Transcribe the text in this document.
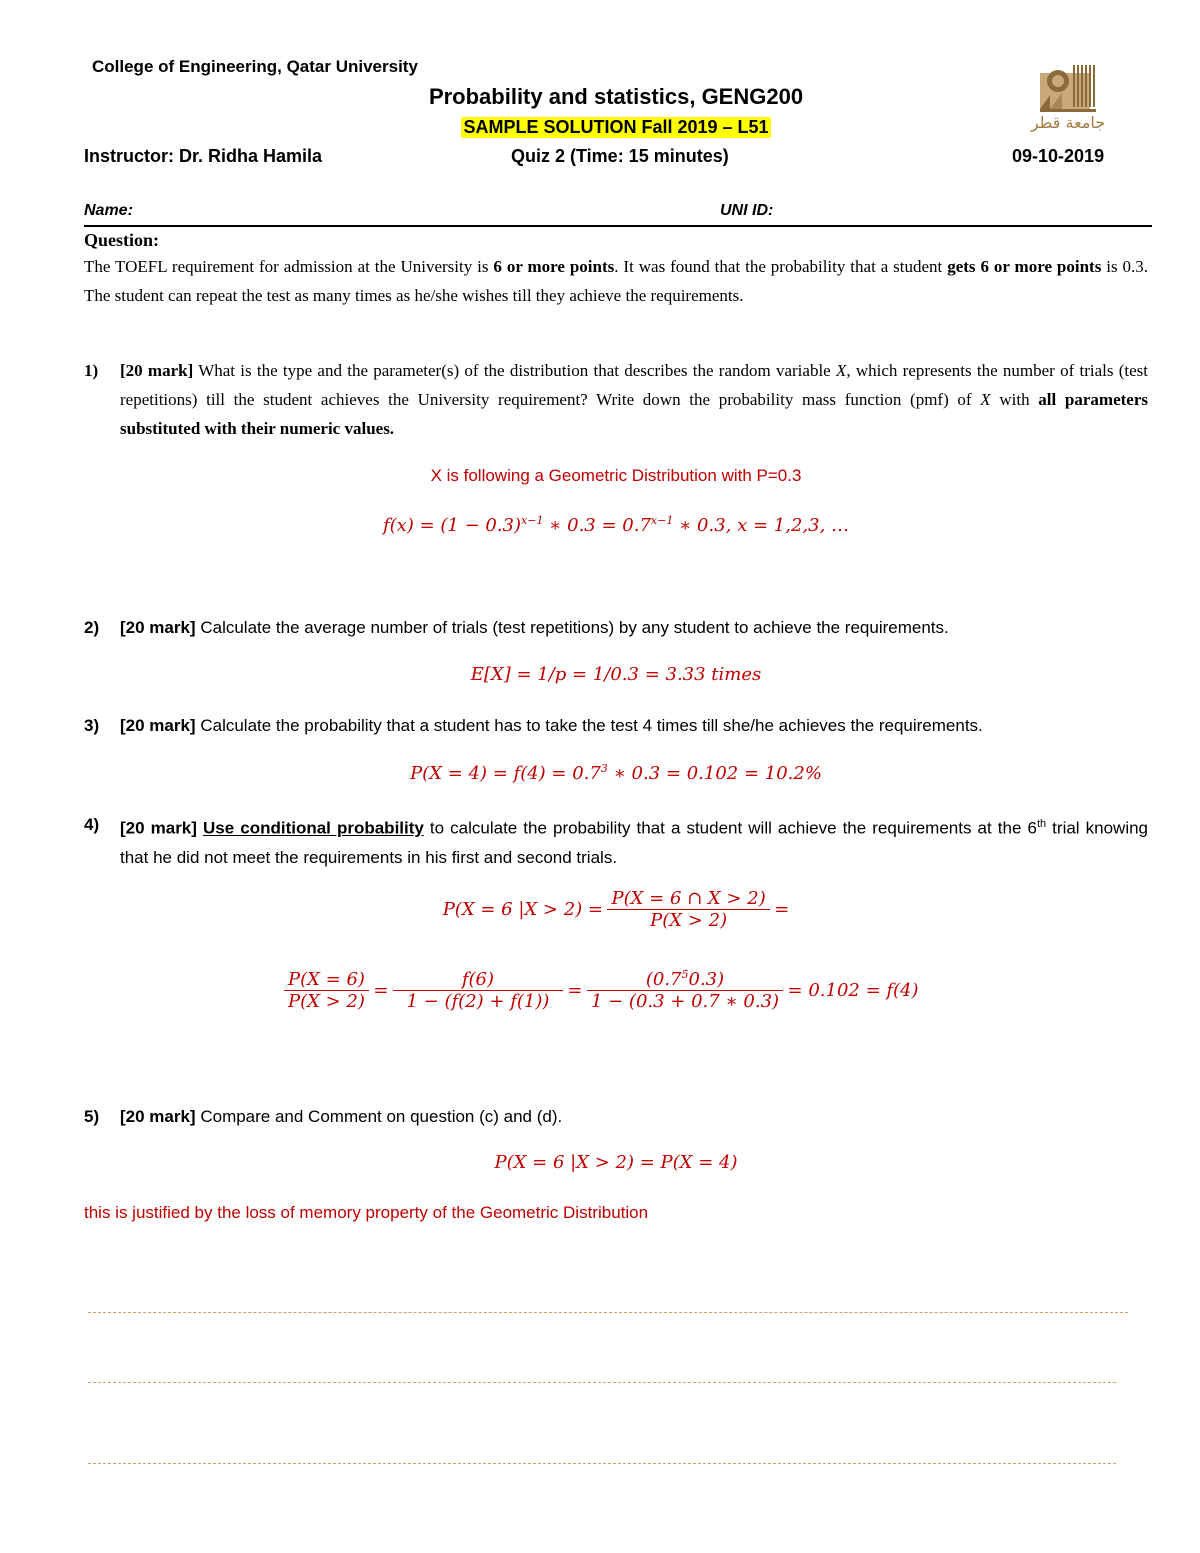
College of Engineering, Qatar University
Probability and statistics, GENG200
SAMPLE SOLUTION Fall 2019 – L51
Instructor: Dr. Ridha Hamila	Quiz 2 (Time: 15 minutes)	09-10-2019
جامعة قطر
Name:	UNI ID:
Question:
The TOEFL requirement for admission at the University is 6 or more points. It was found that the probability that a student gets 6 or more points is 0.3. The student can repeat the test as many times as he/she wishes till they achieve the requirements.
1) [20 mark] What is the type and the parameter(s) of the distribution that describes the random variable X, which represents the number of trials (test repetitions) till the student achieves the University requirement? Write down the probability mass function (pmf) of X with all parameters substituted with their numeric values.
X is following a Geometric Distribution with P=0.3
$f(x) = (1 - 0.3)^{x-1}$ ∗ $0.3 = 0.7^{x-1}$ ∗ 0.3, x = 1,2,3, …
2) [20 mark] Calculate the average number of trials (test repetitions) by any student to achieve the requirements.
E[X] = 1/p = 1/0.3 = 3.33 times
3) [20 mark] Calculate the probability that a student has to take the test 4 times till she/he achieves the requirements.
$P(X = 4) = f(4) = 0.7^3$ ∗ 0.3 = 0.102 = 10.2%
4) [20 mark] Use conditional probability to calculate the probability that a student will achieve the requirements at the 6th trial knowing that he did not meet the requirements in his first and second trials.
P(X = 6 $|X > 2) = \frac{P(X = 6 \cap X > 2)}{P(X > 2)}$ =
$\frac{P(X = 6)}{P(X > 2)} = \frac{f(6)}{1 - (f(2) + f(1))} = \frac{(0.7^50.3)}{1 - (0.3 + 0.7 ∗ 0.3)} = 0.102 = f(4)$
5) [20 mark] Compare and Comment on question (c) and (d).
P(X = 6 |X > 2) = P(X = 4)
this is justified by the loss of memory property of the Geometric Distribution
